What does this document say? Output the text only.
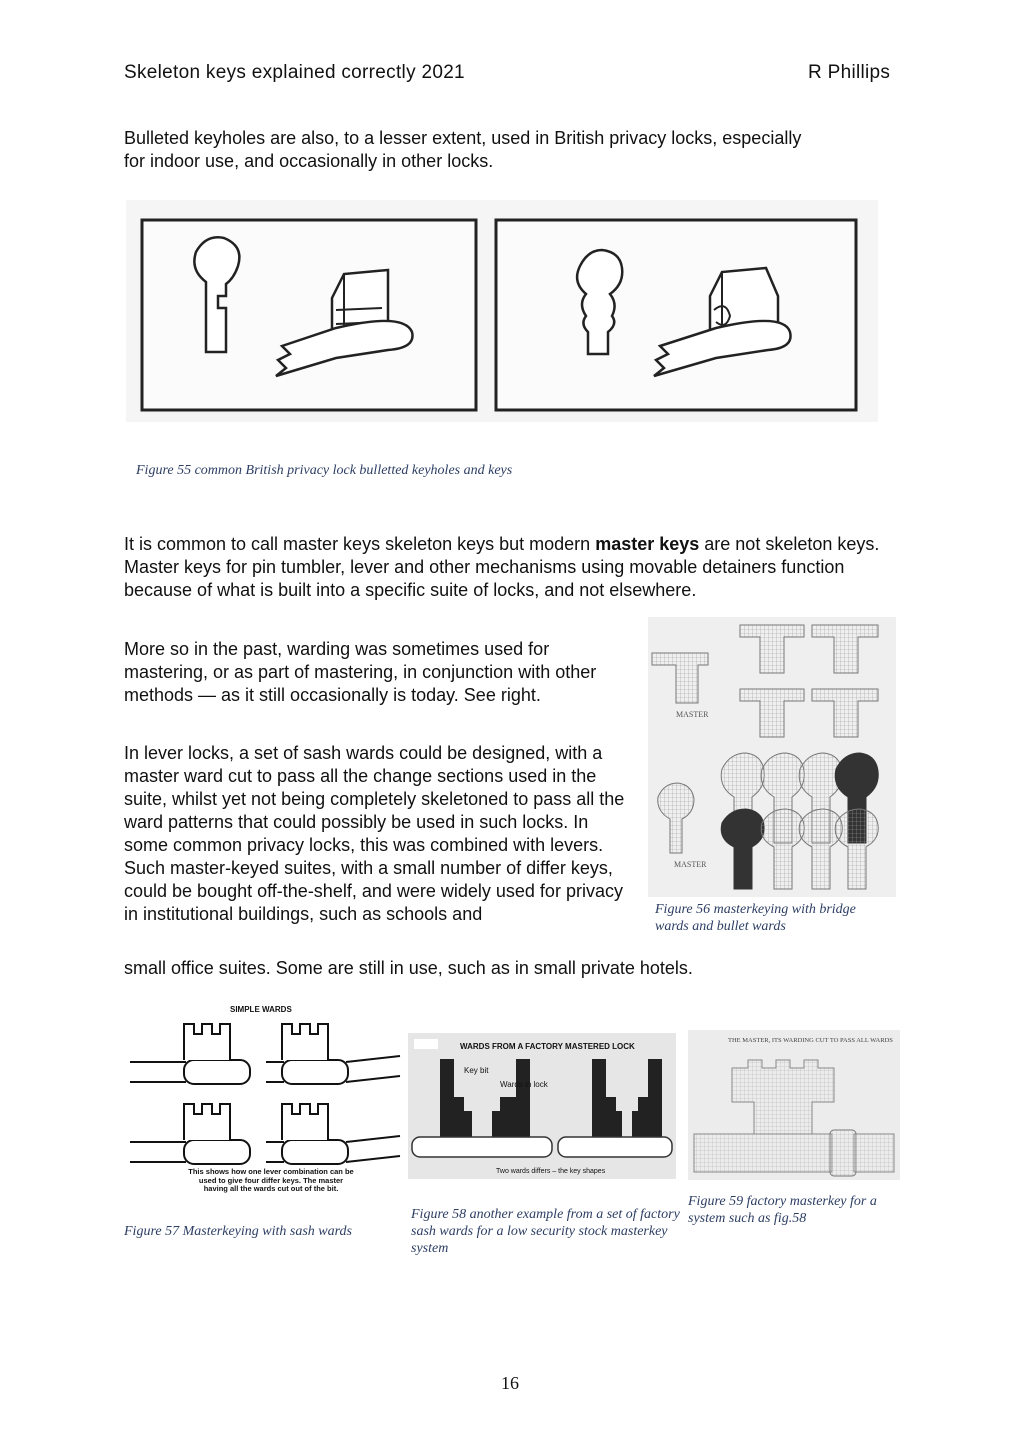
Skeleton keys explained correctly 2021	R Phillips
Bulleted keyholes are also, to a lesser extent, used in British privacy locks, especially for indoor use, and occasionally in other locks.
Figure 55 common British privacy lock bulletted keyholes and keys
It is common to call master keys skeleton keys but modern master keys are not skeleton keys. Master keys for pin tumbler, lever and other mechanisms using movable detainers function because of what is built into a specific suite of locks, and not elsewhere.
More so in the past, warding was sometimes used for mastering, or as part of mastering, in conjunction with other methods — as it still occasionally is today. See right.
In lever locks, a set of sash wards could be designed, with a master ward cut to pass all the change sections used in the suite, whilst yet not being completely skeletoned to pass all the ward patterns that could possibly be used in such locks. In some common privacy locks, this was combined with levers. Such master-keyed suites, with a small number of differ keys, could be bought off-the-shelf, and were widely used for privacy in institutional buildings, such as schools and
small office suites. Some are still in use, such as in small private hotels.
MASTER
MASTER
Figure 56 masterkeying with bridge wards and bullet wards
SIMPLE WARDS
This shows how one lever combination can be used to give four differ keys. The master having all the wards cut out of the bit.
Figure 57 Masterkeying with sash wards
WARDS FROM A FACTORY MASTERED LOCK
Key bit
Wards in lock
Two wards differs – the key shapes
Figure 58 another example from a set of factory sash wards for a low security stock masterkey system
THE MASTER, ITS WARDING CUT TO PASS ALL WARDS
Figure 59 factory masterkey for a system such as fig.58
16
